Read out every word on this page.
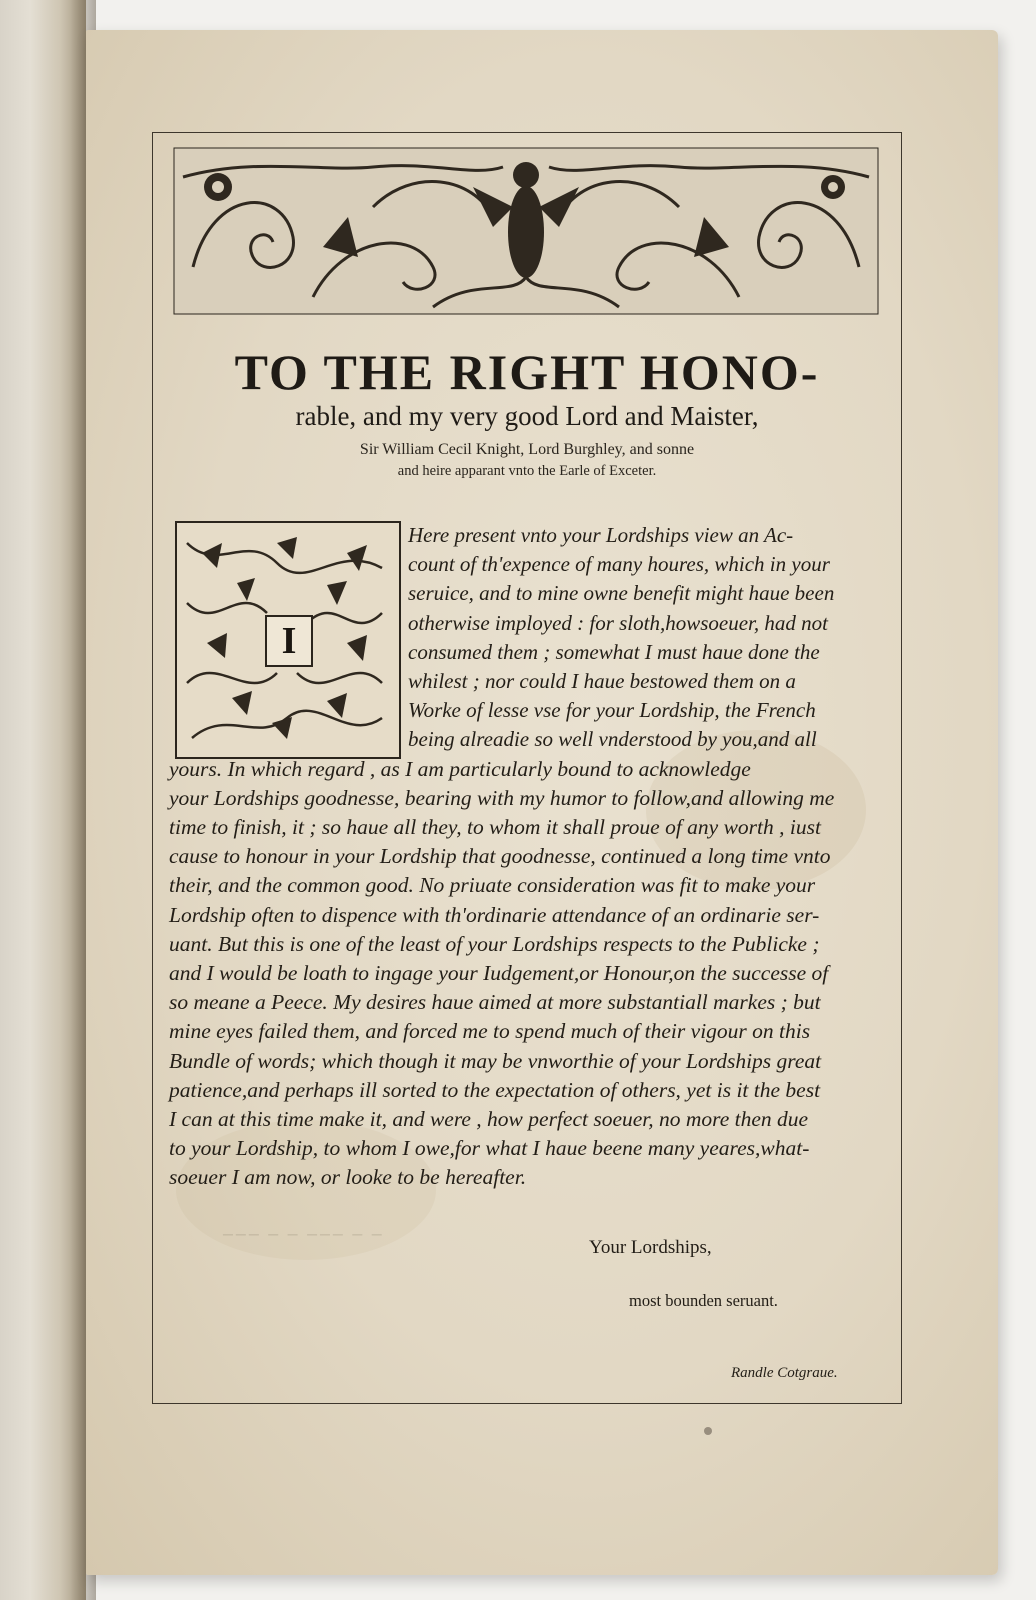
TO THE RIGHT HONO-
rable, and my very good Lord and Maister,
Sir William Cecil Knight, Lord Burghley, and sonne
and heire apparant vnto the Earle of Exceter.
I
Here present vnto your Lordships view an Ac-
count of th'expence of many houres, which in your
seruice, and to mine owne benefit might haue been
otherwise imployed : for sloth,howsoeuer, had not
consumed them ; somewhat I must haue done the
whilest ; nor could I haue bestowed them on a
Worke of lesse vse for your Lordship, the French
being alreadie so well vnderstood by you,and all
yours. In which regard , as I am particularly bound to acknowledge
your Lordships goodnesse, bearing with my humor to follow,and allowing me
time to finish, it ; so haue all they, to whom it shall proue of any worth , iust
cause to honour in your Lordship that goodnesse, continued a long time vnto
their, and the common good. No priuate consideration was fit to make your
Lordship often to dispence with th'ordinarie attendance of an ordinarie ser-
uant. But this is one of the least of your Lordships respects to the Publicke ;
and I would be loath to ingage your Iudgement,or Honour,on the successe of
so meane a Peece. My desires haue aimed at more substantiall markes ; but
mine eyes failed them, and forced me to spend much of their vigour on this
Bundle of words; which though it may be vnworthie of your Lordships great
patience,and perhaps ill sorted to the expectation of others, yet is it the best
I can at this time make it, and were , how perfect soeuer, no more then due
to your Lordship, to whom I owe,for what I haue beene many yeares,what-
soeuer I am now, or looke to be hereafter.
─── ─ ─ ─── ─ ─
Your Lordships,
most bounden seruant.
Randle Cotgraue.
